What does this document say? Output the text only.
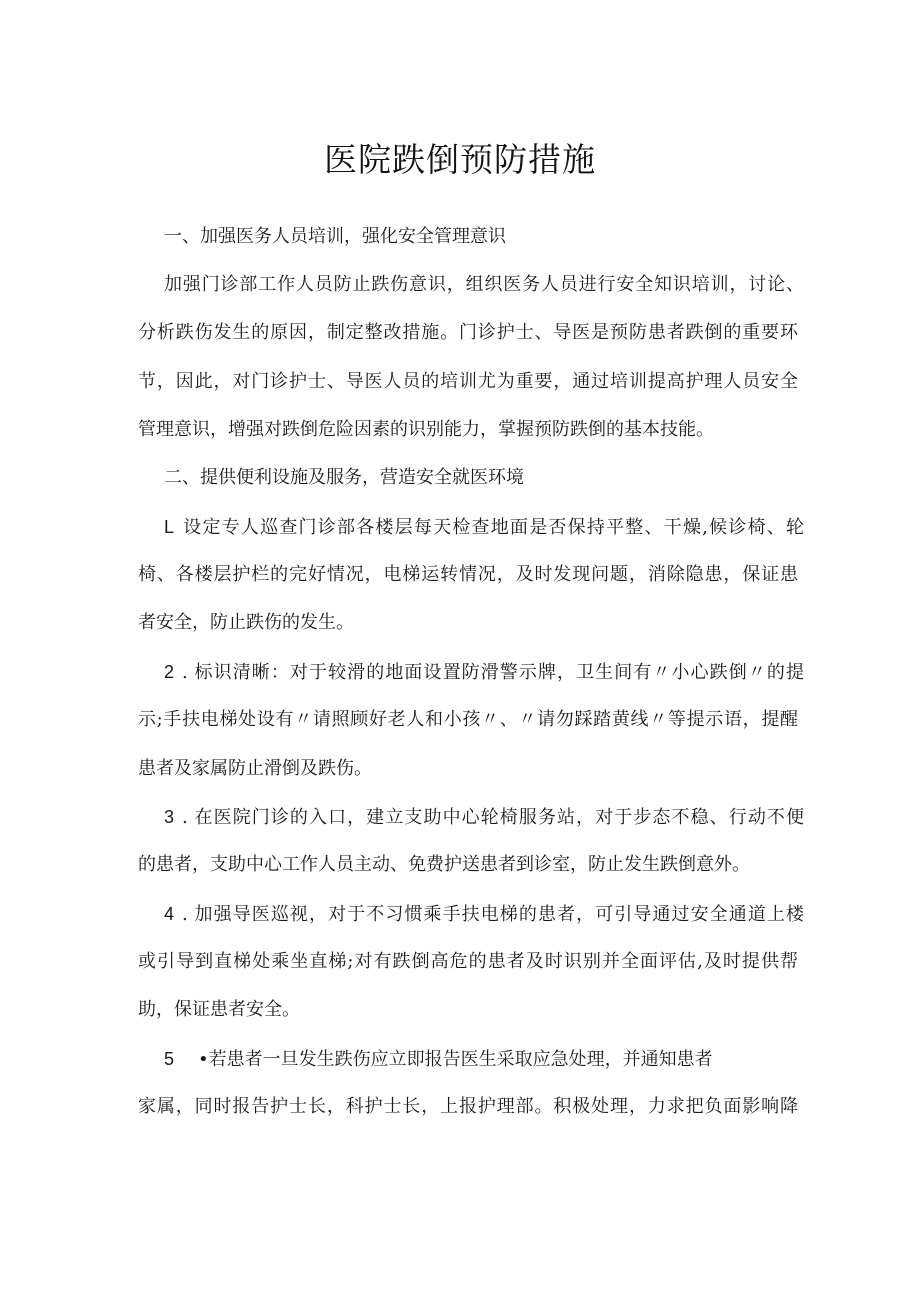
医院跌倒预防措施
一、加强医务人员培训，强化安全管理意识
加强门诊部工作人员防止跌伤意识，组织医务人员进行安全知识培训，讨论、
分析跌伤发生的原因，制定整改措施。门诊护士、导医是预防患者跌倒的重要环
节，因此，对门诊护士、导医人员的培训尤为重要，通过培训提高护理人员安全
管理意识，增强对跌倒危险因素的识别能力，掌握预防跌倒的基本技能。
二、提供便利设施及服务，营造安全就医环境
L 设定专人巡查门诊部各楼层每天检查地面是否保持平整、干燥,候诊椅、轮
椅、各楼层护栏的完好情况，电梯运转情况，及时发现问题，消除隐患，保证患
者安全，防止跌伤的发生。
2 . 标识清晰：对于较滑的地面设置防滑警示牌，卫生间有〃小心跌倒〃的提
示;手扶电梯处设有〃请照顾好老人和小孩〃、〃请勿踩踏黄线〃等提示语，提醒
患者及家属防止滑倒及跌伤。
3 . 在医院门诊的入口，建立支助中心轮椅服务站，对于步态不稳、行动不便
的患者，支助中心工作人员主动、免费护送患者到诊室，防止发生跌倒意外。
4 . 加强导医巡视，对于不习惯乘手扶电梯的患者，可引导通过安全通道上楼
或引导到直梯处乘坐直梯;对有跌倒高危的患者及时识别并全面评估,及时提供帮
助，保证患者安全。
5 •若患者一旦发生跌伤应立即报告医生采取应急处理，并通知患者
家属，同时报告护士长，科护士长，上报护理部。积极处理，力求把负面影响降
